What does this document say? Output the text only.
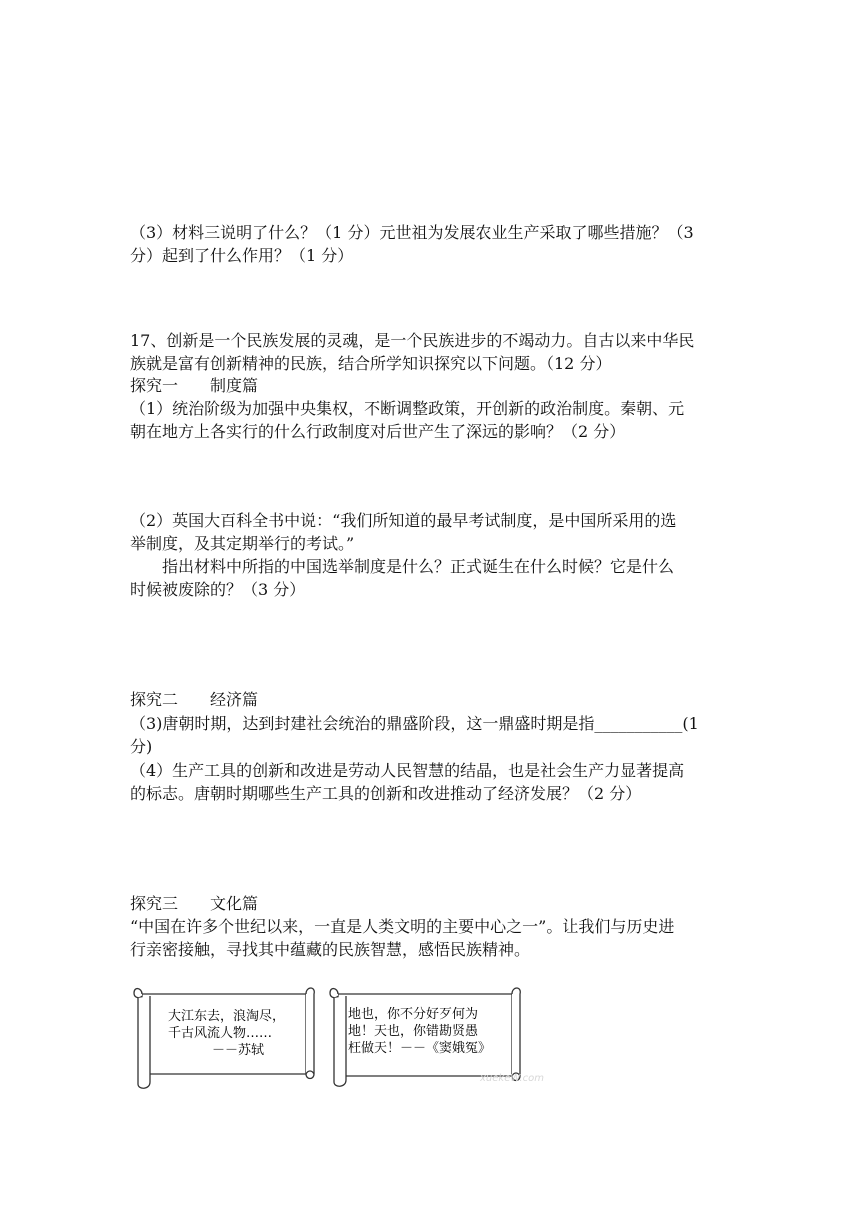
（3）材料三说明了什么？（1 分）元世祖为发展农业生产采取了哪些措施？（3

分）起到了什么作用？（1 分）

17、创新是一个民族发展的灵魂，是一个民族进步的不竭动力。自古以来中华民

族就是富有创新精神的民族，结合所学知识探究以下问题。（12 分）

探究一　　制度篇

（1）统治阶级为加强中央集权，不断调整政策，开创新的政治制度。秦朝、元

朝在地方上各实行的什么行政制度对后世产生了深远的影响？（2 分）

（2）英国大百科全书中说：“我们所知道的最早考试制度，是中国所采用的选

举制度，及其定期举行的考试。”

指出材料中所指的中国选举制度是什么？正式诞生在什么时候？它是什么

时候被废除的？（3 分）

探究二　　经济篇

（3)唐朝时期，达到封建社会统治的鼎盛阶段，这一鼎盛时期是指___________(1

分)

（4）生产工具的创新和改进是劳动人民智慧的结晶，也是社会生产力显著提高

的标志。唐朝时期哪些生产工具的创新和改进推动了经济发展？（2 分）

探究三　　文化篇

“中国在许多个世纪以来，一直是人类文明的主要中心之一”。让我们与历史进

行亲密接触，寻找其中蕴藏的民族智慧，感悟民族精神。

大江东去，浪淘尽，
千古风流人物……
－－苏轼
地也，你不分好歹何为
地！天也，你错勘贤愚
枉做天！－－《窦娥冤》
xuekeW.com
